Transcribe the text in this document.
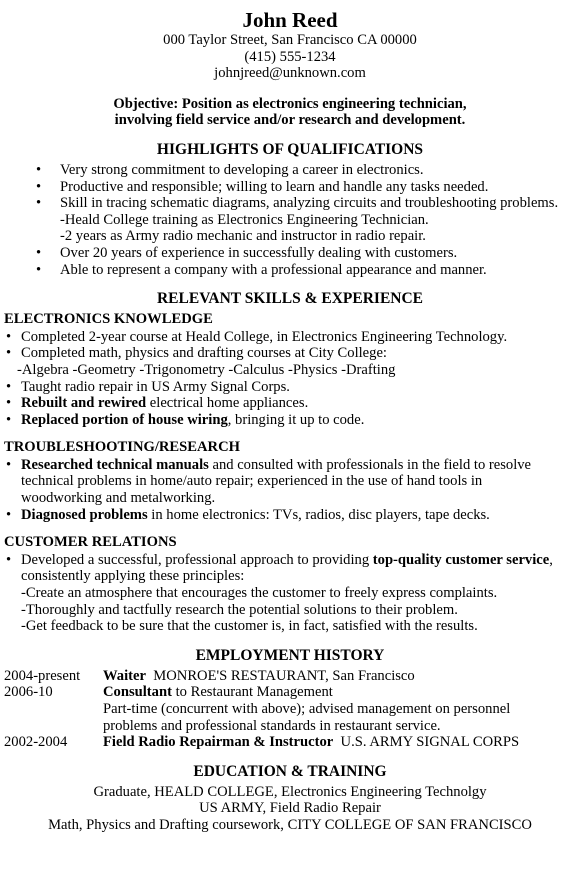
John Reed
000 Taylor Street, San Francisco CA 00000
(415) 555-1234
johnjreed@unknown.com
Objective: Position as electronics engineering technician,
involving field service and/or research and development.
HIGHLIGHTS OF QUALIFICATIONS
• Very strong commitment to developing a career in electronics.
• Productive and responsible; willing to learn and handle any tasks needed.
• Skill in tracing schematic diagrams, analyzing circuits and troubleshooting problems.
-Heald College training as Electronics Engineering Technician.
-2 years as Army radio mechanic and instructor in radio repair.
• Over 20 years of experience in successfully dealing with customers.
• Able to represent a company with a professional appearance and manner.
RELEVANT SKILLS & EXPERIENCE
ELECTRONICS KNOWLEDGE
• Completed 2-year course at Heald College, in Electronics Engineering Technology.
• Completed math, physics and drafting courses at City College:
-Algebra -Geometry -Trigonometry -Calculus -Physics -Drafting
• Taught radio repair in US Army Signal Corps.
• Rebuilt and rewired electrical home appliances.
• Replaced portion of house wiring, bringing it up to code.
TROUBLESHOOTING/RESEARCH
• Researched technical manuals and consulted with professionals in the field to resolve
technical problems in home/auto repair; experienced in the use of hand tools in
woodworking and metalworking.
• Diagnosed problems in home electronics: TVs, radios, disc players, tape decks.
CUSTOMER RELATIONS
• Developed a successful, professional approach to providing top-quality customer service,
consistently applying these principles:
-Create an atmosphere that encourages the customer to freely express complaints.
-Thoroughly and tactfully research the potential solutions to their problem.
-Get feedback to be sure that the customer is, in fact, satisfied with the results.
EMPLOYMENT HISTORY
2004-present	Waiter  MONROE'S RESTAURANT, San Francisco
2006-10	Consultant to Restaurant Management
Part-time (concurrent with above); advised management on personnel
problems and professional standards in restaurant service.
2002-2004	Field Radio Repairman & Instructor  U.S. ARMY SIGNAL CORPS
EDUCATION & TRAINING
Graduate, HEALD COLLEGE, Electronics Engineering Technolgy
US ARMY, Field Radio Repair
Math, Physics and Drafting coursework, CITY COLLEGE OF SAN FRANCISCO
